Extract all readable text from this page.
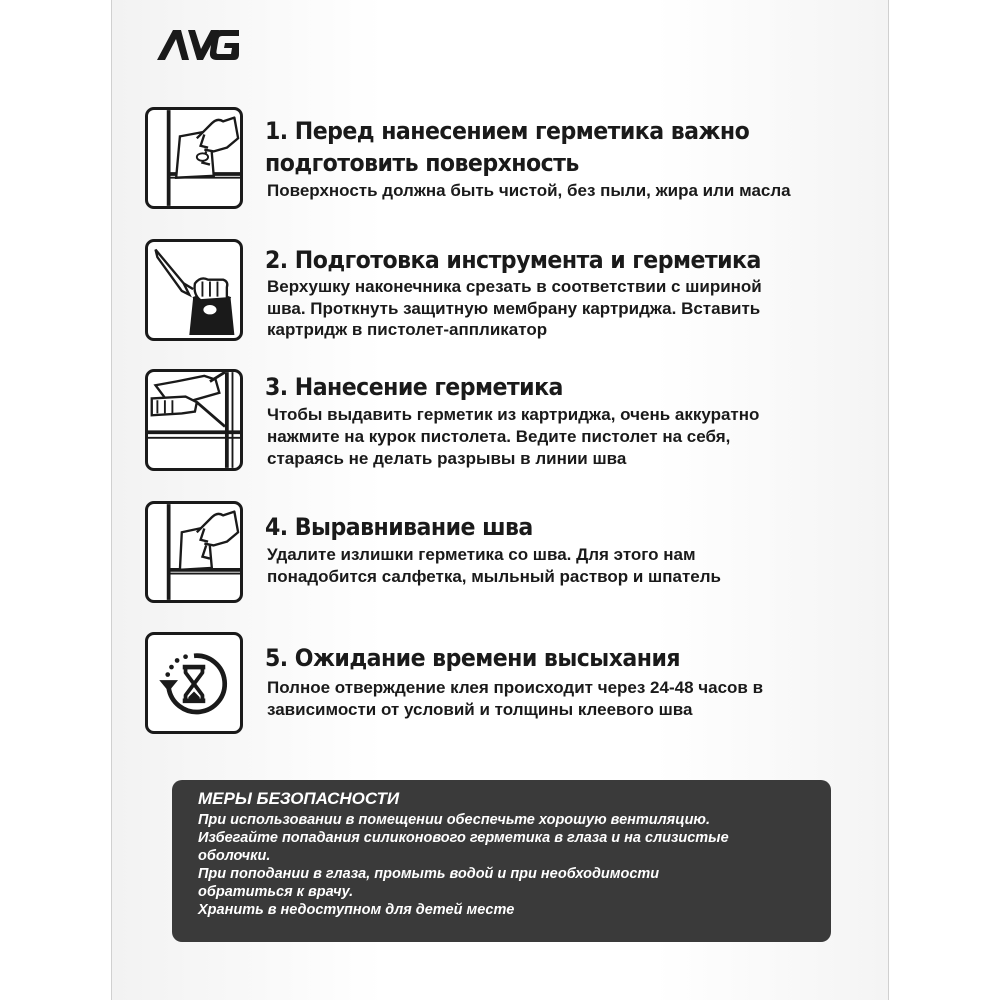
1. Перед нанесением герметика важно

подготовить поверхность

Поверхность должна быть чистой, без пыли, жира или масла

2. Подготовка инструмента и герметика

Верхушку наконечника срезать в соответствии с шириной

шва. Проткнуть защитную мембрану картриджа. Вставить

картридж в пистолет-аппликатор

3. Нанесение герметика

Чтобы выдавить герметик из картриджа, очень аккуратно

нажмите на курок пистолета. Ведите пистолет на себя,

стараясь не делать разрывы в линии шва

4. Выравнивание шва

Удалите излишки герметика со шва. Для этого нам

понадобится салфетка, мыльный раствор и шпатель

5. Ожидание времени высыхания

Полное отверждение клея происходит через 24-48 часов в

зависимости от условий и толщины клеевого шва

МЕРЫ БЕЗОПАСНОСТИ

При использовании в помещении обеспечьте хорошую вентиляцию.

Избегайте попадания силиконового герметика в глаза и на слизистые

оболочки.

При поподании в глаза, промыть водой и при необходимости

обратиться к врачу.

Хранить в недоступном для детей месте
